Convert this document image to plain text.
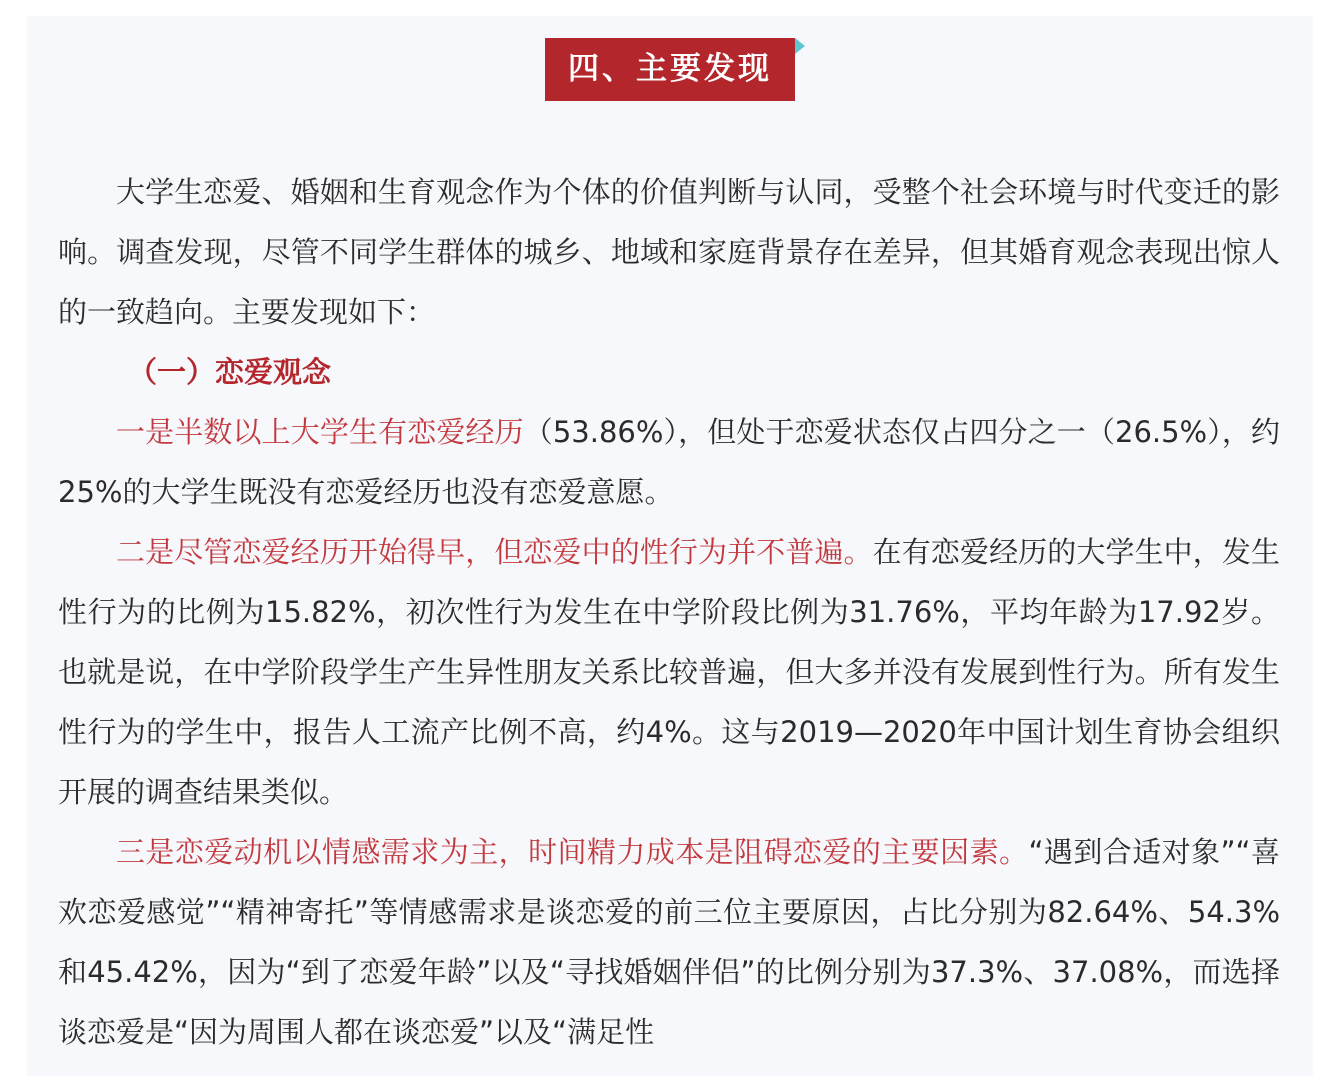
四、主要发现

大学生恋爱、婚姻和生育观念作为个体的价值判断与认同，受整个社会环境与时代变迁的影响。调查发现，尽管不同学生群体的城乡、地域和家庭背景存在差异，但其婚育观念表现出惊人的一致趋向。主要发现如下：

（一）恋爱观念

一是半数以上大学生有恋爱经历（53.86%），但处于恋爱状态仅占四分之一（26.5%），约25%的大学生既没有恋爱经历也没有恋爱意愿。

二是尽管恋爱经历开始得早，但恋爱中的性行为并不普遍。在有恋爱经历的大学生中，发生性行为的比例为15.82%，初次性行为发生在中学阶段比例为31.76%，平均年龄为17.92岁。也就是说，在中学阶段学生产生异性朋友关系比较普遍，但大多并没有发展到性行为。所有发生性行为的学生中，报告人工流产比例不高，约4%。这与2019—2020年中国计划生育协会组织开展的调查结果类似。

三是恋爱动机以情感需求为主，时间精力成本是阻碍恋爱的主要因素。“遇到合适对象”“喜欢恋爱感觉”“精神寄托”等情感需求是谈恋爱的前三位主要原因，占比分别为82.64%、54.3%和45.42%，因为“到了恋爱年龄”以及“寻找婚姻伴侣”的比例分别为37.3%、37.08%，而选择谈恋爱是“因为周围人都在谈恋爱”以及“满足性
